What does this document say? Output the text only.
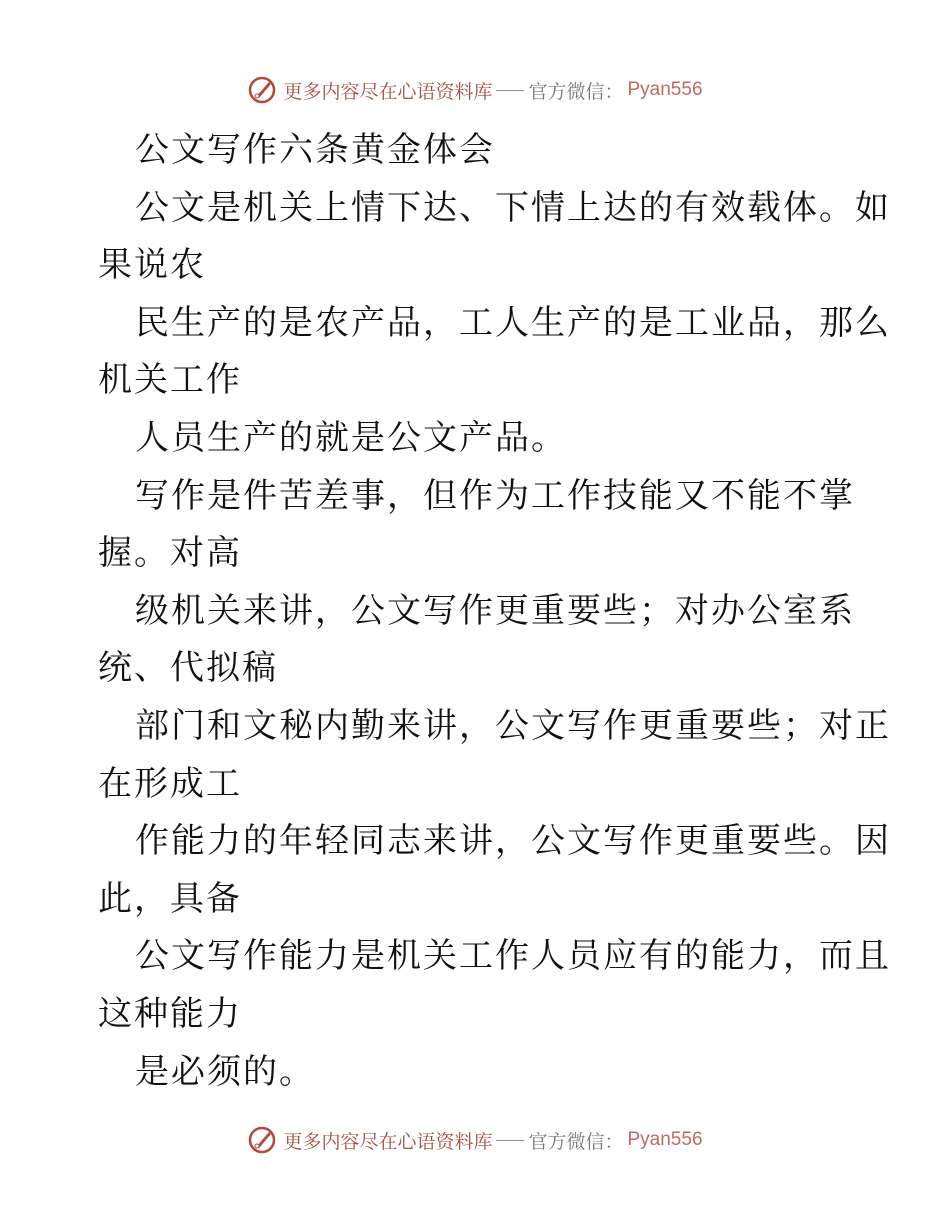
更多内容尽在心语资料库 官方微信： Pyan556
公文写作六条黄金体会
公文是机关上情下达、下情上达的有效载体。如
果说农
民生产的是农产品，工人生产的是工业品，那么
机关工作
人员生产的就是公文产品。
写作是件苦差事，但作为工作技能又不能不掌
握。对高
级机关来讲，公文写作更重要些；对办公室系
统、代拟稿
部门和文秘内勤来讲，公文写作更重要些；对正
在形成工
作能力的年轻同志来讲，公文写作更重要些。因
此，具备
公文写作能力是机关工作人员应有的能力，而且
这种能力
是必须的。
更多内容尽在心语资料库 官方微信： Pyan556
